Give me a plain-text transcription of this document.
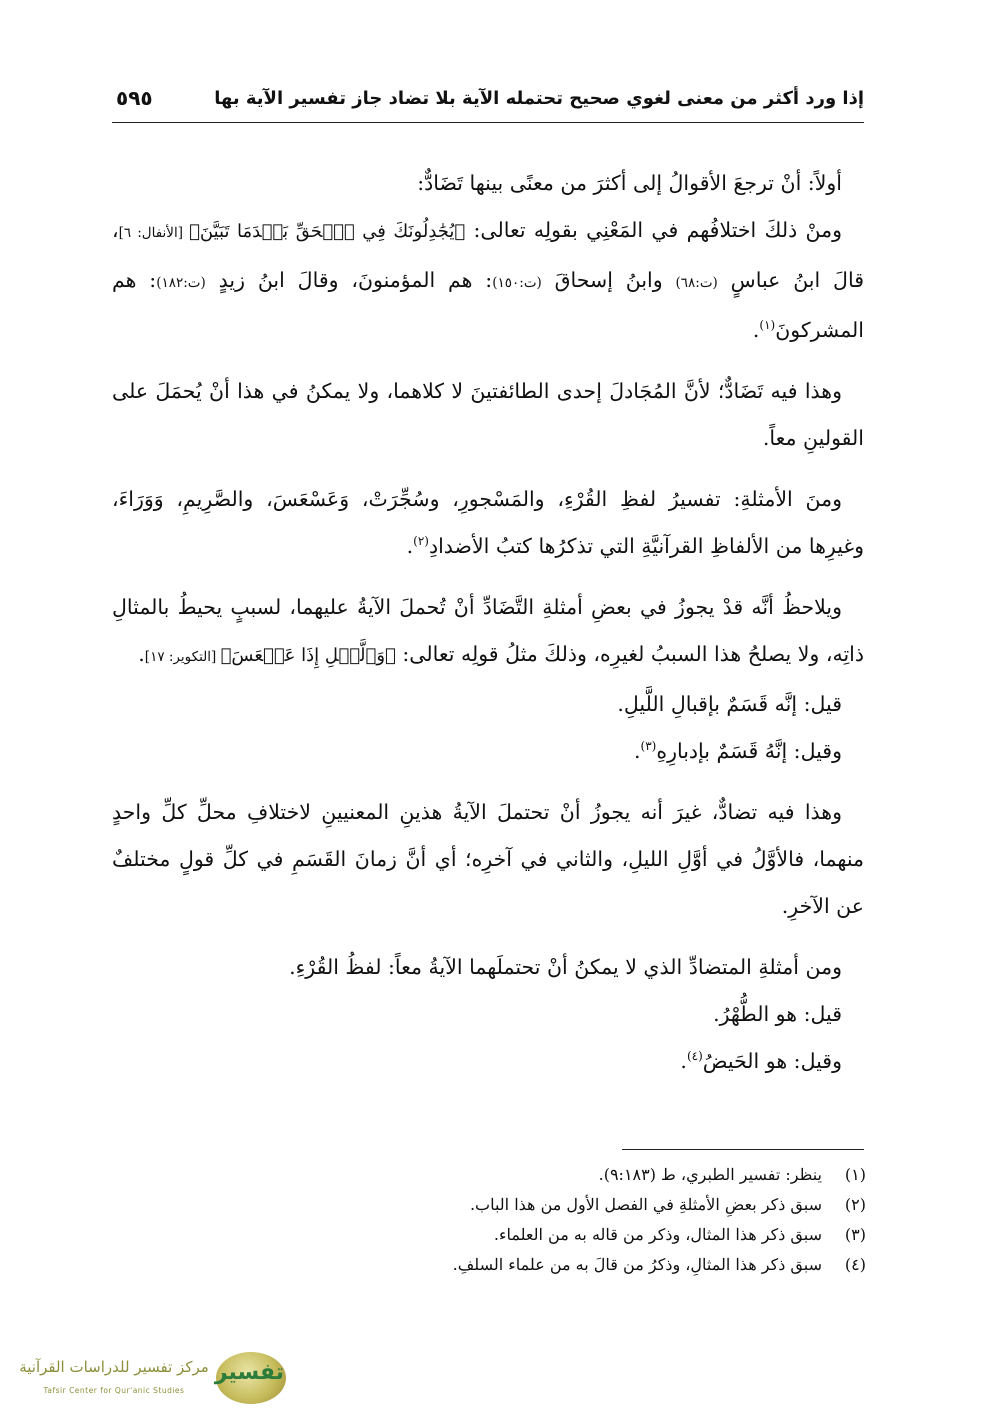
إذا ورد أكثر من معنى لغوي صحيح تحتمله الآية بلا تضاد جاز تفسير الآية بها
٥٩٥

أولاً: أنْ ترجعَ الأقوالُ إلى أكثرَ من معنًى بينها تَضَادٌّ:

ومنْ ذلكَ اختلافُهم في المَعْنِي بقولِه تعالى: ﴿يُجَٰدِلُونَكَ فِي ٱلۡحَقِّ بَعۡدَمَا تَبَيَّنَ﴾ [الأنفال: ٦]، قالَ ابنُ عباسٍ (ت:٦٨) وابنُ إسحاقَ (ت:١٥٠): هم المؤمنونَ، وقالَ ابنُ زيدٍ (ت:١٨٢): هم المشركونَ$^{(١)}$.

وهذا فيه تَضَادٌّ؛ لأنَّ المُجَادلَ إحدى الطائفتينَ لا كلاهما، ولا يمكنُ في هذا أنْ يُحمَلَ على القولينِ معاً.

ومنَ الأمثلةِ: تفسيرُ لفظِ القُرْءِ، والمَسْجورِ، وسُجِّرَتْ، وَعَسْعَسَ، والصَّرِيمِ، وَوَرَاءَ، وغيرِها من الألفاظِ القرآنيَّةِ التي تذكرُها كتبُ الأضدادِ$^{(٢)}$.

ويلاحظُ أنَّه قدْ يجوزُ في بعضِ أمثلةِ التَّضَادِّ أنْ تُحملَ الآيةُ عليهما، لسببٍ يحيطُ بالمثالِ ذاتِه، ولا يصلحُ هذا السببُ لغيرِه، وذلكَ مثلُ قولِه تعالى: ﴿وَٱلَّيۡلِ إِذَا عَسۡعَسَ﴾ [التكوير: ١٧].

قيل: إنَّه قَسَمٌ بإقبالِ اللَّيلِ.

وقيل: إنَّهُ قَسَمٌ بإدبارِهِ$^{(٣)}$.

وهذا فيه تضادٌّ، غيرَ أنه يجوزُ أنْ تحتملَ الآيةُ هذينِ المعنيينِ لاختلافِ محلِّ كلِّ واحدٍ منهما، فالأوَّلُ في أوَّلِ الليلِ، والثاني في آخرِه؛ أي أنَّ زمانَ القَسَمِ في كلِّ قولٍ مختلفٌ عن الآخرِ.

ومن أمثلةِ المتضادِّ الذي لا يمكنُ أنْ تحتملَهما الآيةُ معاً: لفظُ القُرْءِ.

قيل: هو الطُّهْرُ.

وقيل: هو الحَيضُ$^{(٤)}$.

(١)
ينظر: تفسير الطبري، ط (٩:١٨٣).
(٢)
سبق ذكر بعضِ الأمثلةِ في الفصل الأول من هذا الباب.
(٣)
سبق ذكر هذا المثال، وذكر من قاله به من العلماء.
(٤)
سبق ذكر هذا المثالِ، وذكرُ من قالَ به من علماء السلفِ.
تفسير
مركز تفسير للدراسات القرآنية
Tafsir Center for Qur'anic Studies
